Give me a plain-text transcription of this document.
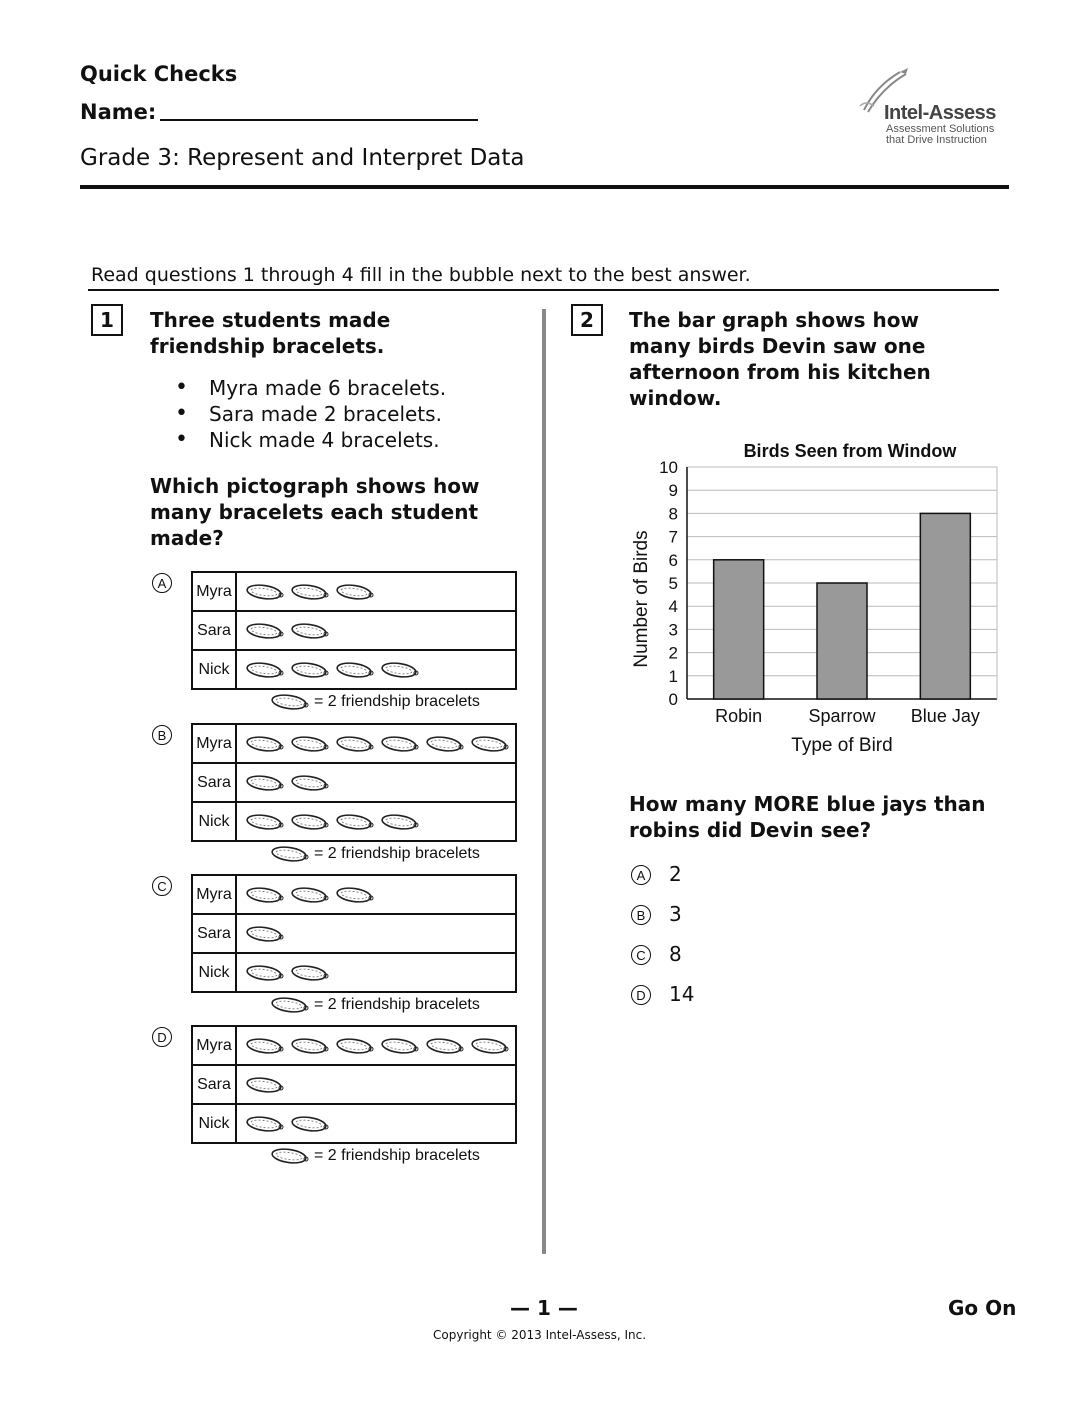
Quick Checks
Name:
Grade 3: Represent and Interpret Data
Intel-Assess
Assessment Solutions
that Drive Instruction
Read questions 1 through 4 fill in the bubble next to the best answer.
1	Three students made friendship bracelets.
•	Myra made 6 bracelets.
•	Sara made 2 bracelets.
•	Nick made 4 bracelets.
Which pictograph shows how many bracelets each student made?
A	Myra
Sara
Nick
= 2 friendship bracelets
B	Myra
Sara
Nick
= 2 friendship bracelets
C	Myra
Sara
Nick
= 2 friendship bracelets
D	Myra
Sara
Nick
= 2 friendship bracelets
2	The bar graph shows how many birds Devin saw one afternoon from his kitchen window.
Birds Seen from Window
0
1
2
3
4
5
6
7
8
9
10
Robin	Sparrow Blue Jay
Type of Bird
Number of Birds
How many MORE blue jays than robins did Devin see?
A 2
B 3
C 8
D 14
— 1 —	Go On
Copyright © 2013 Intel-Assess, Inc.
